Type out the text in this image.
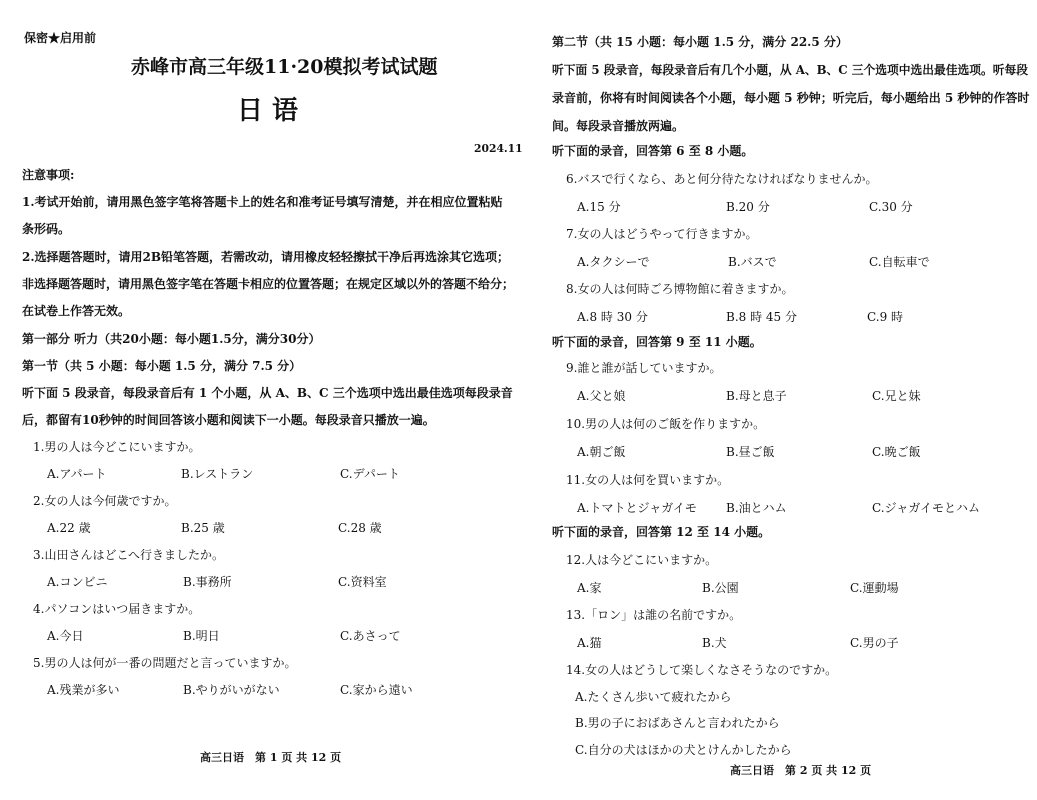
保密★启用前
赤峰市高三年级11·20模拟考试试题
日 语
2024.11
注意事项:
1.考试开始前，请用黑色签字笔将答题卡上的姓名和准考证号填写清楚，并在相应位置粘贴
条形码。
2.选择题答题时，请用2B铅笔答题，若需改动，请用橡皮轻轻擦拭干净后再选涂其它选项；
非选择题答题时，请用黑色签字笔在答题卡相应的位置答题；在规定区域以外的答题不给分；
在试卷上作答无效。
第一部分 听力（共20小题：每小题1.5分，满分30分）
第一节（共 5 小题：每小题 1.5 分，满分 7.5 分）
听下面 5 段录音，每段录音后有 1 个小题，从 A、B、C 三个选项中选出最佳选项每段录音
后，都留有10秒钟的时间回答该小题和阅读下一小题。每段录音只播放一遍。
1.男の人は今どこにいますか。
A.アパート	B.レストラン	C.デパート
2.女の人は今何歳ですか。
A.22 歳	B.25 歳	C.28 歳
3.山田さんはどこへ行きましたか。
A.コンビニ	B.事務所	C.资料室
4.パソコンはいつ届きますか。
A.今日	B.明日	C.あさって
5.男の人は何が一番の問題だと言っていますか。
A.残業が多い	B.やりがいがない	C.家から遠い
高三日语　第 1 页 共 12 页
第二节（共 15 小题：每小题 1.5 分，满分 22.5 分）
听下面 5 段录音，每段录音后有几个小题，从 A、B、C 三个选项中选出最佳选项。听每段
录音前，你将有时间阅读各个小题，每小题 5 秒钟；听完后，每小题给出 5 秒钟的作答时
间。每段录音播放两遍。
听下面的录音，回答第 6 至 8 小题。
6.バスで行くなら、あと何分待たなければなりませんか。
A.15 分	B.20 分	C.30 分
7.女の人はどうやって行きますか。
A.タクシーで	B.バスで	C.自転車で
8.女の人は何時ごろ博物館に着きますか。
A.8 時 30 分	B.8 時 45 分	C.9 時
听下面的录音，回答第 9 至 11 小题。
9.誰と誰が話していますか。
A.父と娘	B.母と息子	C.兄と妹
10.男の人は何のご飯を作りますか。
A.朝ご飯	B.昼ご飯	C.晩ご飯
11.女の人は何を買いますか。
A.トマトとジャガイモ B.油とハム	C.ジャガイモとハム
听下面的录音，回答第 12 至 14 小题。
12.人は今どこにいますか。
A.家	B.公園	C.運動場
13.「ロン」は誰の名前ですか。
A.猫	B.犬	C.男の子
14.女の人はどうして楽しくなさそうなのですか。
A.たくさん歩いて疲れたから
B.男の子におばあさんと言われたから
C.自分の犬はほかの犬とけんかしたから
高三日语　第 2 页 共 12 页
